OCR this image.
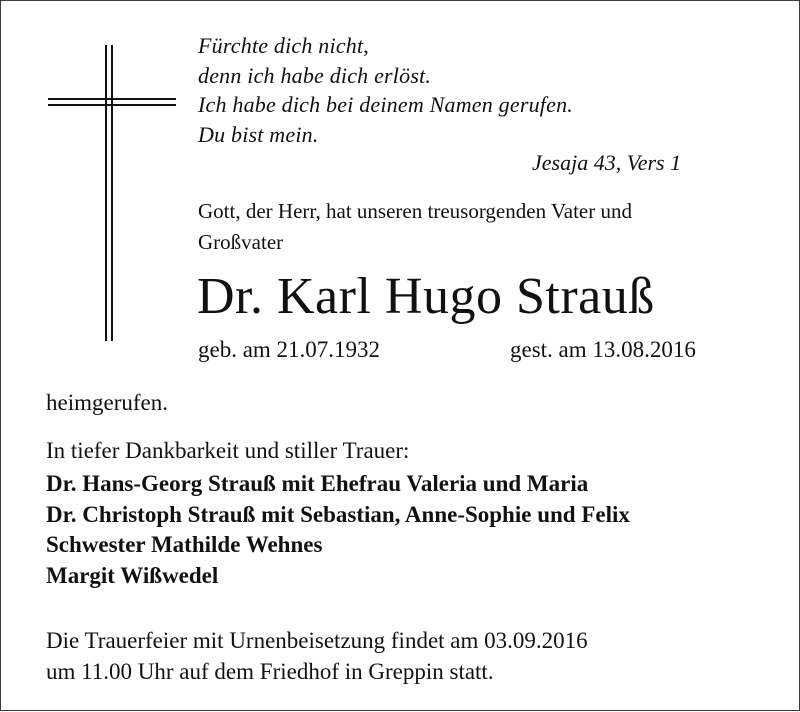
Fürchte dich nicht,
denn ich habe dich erlöst.
Ich habe dich bei deinem Namen gerufen.
Du bist mein.
Jesaja 43, Vers 1
Gott, der Herr, hat unseren treusorgenden Vater und
Großvater
Dr. Karl Hugo Strauß
geb. am 21.07.1932	gest. am 13.08.2016
heimgerufen.
In tiefer Dankbarkeit und stiller Trauer:
Dr. Hans-Georg Strauß mit Ehefrau Valeria und Maria
Dr. Christoph Strauß mit Sebastian, Anne-Sophie und Felix
Schwester Mathilde Wehnes
Margit Wißwedel
Die Trauerfeier mit Urnenbeisetzung findet am 03.09.2016
um 11.00 Uhr auf dem Friedhof in Greppin statt.
